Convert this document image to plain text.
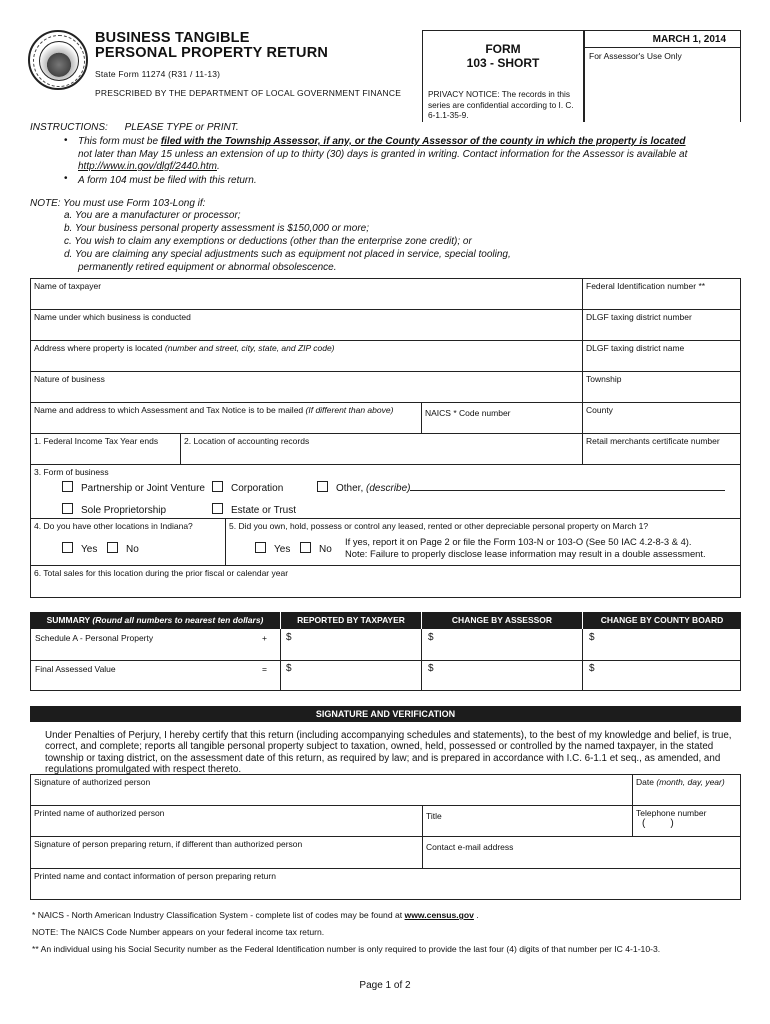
BUSINESS TANGIBLE
PERSONAL PROPERTY RETURN
State Form 11274 (R31 / 11-13)
PRESCRIBED BY THE DEPARTMENT OF LOCAL GOVERNMENT FINANCE
FORM
103 - SHORT
PRIVACY NOTICE: The records in this series are confidential according to I. C. 6-1.1-35-9.
MARCH 1, 2014
For Assessor's Use Only
INSTRUCTIONS: PLEASE TYPE or PRINT.
• This form must be filed with the Township Assessor, if any, or the County Assessor of the county in which the property is located
not later than May 15 unless an extension of up to thirty (30) days is granted in writing. Contact information for the Assessor is available at
http://www.in.gov/dlgf/2440.htm.
• A form 104 must be filed with this return.
NOTE: You must use Form 103-Long if:
a. You are a manufacturer or processor;
b. Your business personal property assessment is $150,000 or more;
c. You wish to claim any exemptions or deductions (other than the enterprise zone credit); or
d. You are claiming any special adjustments such as equipment not placed in service, special tooling,
permanently retired equipment or abnormal obsolescence.
Name of taxpayer	Federal Identification number **
Name under which business is conducted	DLGF taxing district number
Address where property is located (number and street, city, state, and ZIP code)	DLGF taxing district name
Nature of business	Township
Name and address to which Assessment and Tax Notice is to be mailed (If different than above)	NAICS * Code number	County
1. Federal Income Tax Year ends	2. Location of accounting records	Retail merchants certificate number
3. Form of business
Partnership or Joint Venture	Corporation	Other, (describe)
Sole Proprietorship	Estate or Trust
4. Do you have other locations in Indiana?	5. Did you own, hold, possess or control any leased, rented or other depreciable personal property on March 1?
Yes	No	Yes	No
If yes, report it on Page 2 or file the Form 103-N or 103-O (See 50 IAC 4.2-8-3 & 4).
Note: Failure to properly disclose lease information may result in a double assessment.
6. Total sales for this location during the prior fiscal or calendar year
SUMMARY (Round all numbers to nearest ten dollars)	REPORTED BY TAXPAYER	CHANGE BY ASSESSOR	CHANGE BY COUNTY BOARD
Schedule A - Personal Property	+ $	$	$
Final Assessed Value	= $	$	$
SIGNATURE AND VERIFICATION
Under Penalties of Perjury, I hereby certify that this return (including accompanying schedules and statements), to the best of my knowledge and belief, is true, correct, and complete; reports all tangible personal property subject to taxation, owned, held, possessed or controlled by the named taxpayer, in the stated township or taxing district, on the assessment date of this return, as required by law; and is prepared in accordance with I.C. 6-1.1 et seq., as amended, and regulations promulgated with respect thereto.
Signature of authorized person	Date (month, day, year)
Printed name of authorized person	Title	Telephone number
(         )
Signature of person preparing return, if different than authorized person	Contact e-mail address
Printed name and contact information of person preparing return
* NAICS - North American Industry Classification System - complete list of codes may be found at www.census.gov .
NOTE: The NAICS Code Number appears on your federal income tax return.
** An individual using his Social Security number as the Federal Identification number is only required to provide the last four (4) digits of that number per IC 4-1-10-3.
Page 1 of 2
